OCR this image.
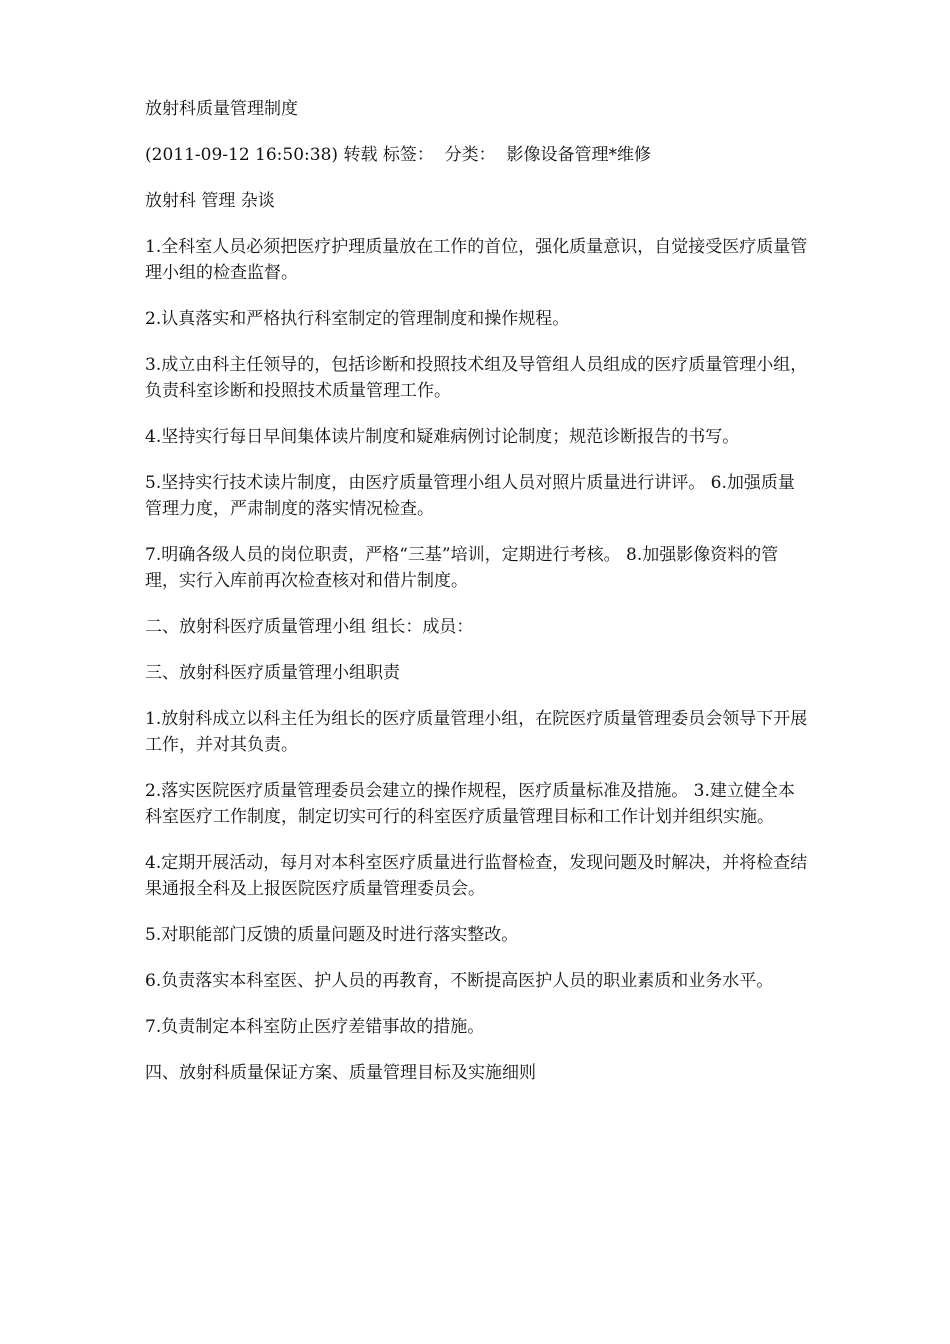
放射科质量管理制度

(2011-09-12 16:50:38) 转载 标签：  分类：  影像设备管理*维修

放射科 管理 杂谈

1.全科室人员必须把医疗护理质量放在工作的首位，强化质量意识，自觉接受医疗质量管理小组的检查监督。

2.认真落实和严格执行科室制定的管理制度和操作规程。

3.成立由科主任领导的，包括诊断和投照技术组及导管组人员组成的医疗质量管理小组，负责科室诊断和投照技术质量管理工作。

4.坚持实行每日早间集体读片制度和疑难病例讨论制度；规范诊断报告的书写。

5.坚持实行技术读片制度，由医疗质量管理小组人员对照片质量进行讲评。 6.加强质量管理力度，严肃制度的落实情况检查。

7.明确各级人员的岗位职责，严格“三基”培训，定期进行考核。 8.加强影像资料的管理，实行入库前再次检查核对和借片制度。

二、放射科医疗质量管理小组 组长：成员：

三、放射科医疗质量管理小组职责

1.放射科成立以科主任为组长的医疗质量管理小组，在院医疗质量管理委员会领导下开展工作，并对其负责。

2.落实医院医疗质量管理委员会建立的操作规程，医疗质量标准及措施。 3.建立健全本科室医疗工作制度，制定切实可行的科室医疗质量管理目标和工作计划并组织实施。

4.定期开展活动，每月对本科室医疗质量进行监督检查，发现问题及时解决，并将检查结果通报全科及上报医院医疗质量管理委员会。

5.对职能部门反馈的质量问题及时进行落实整改。

6.负责落实本科室医、护人员的再教育，不断提高医护人员的职业素质和业务水平。

7.负责制定本科室防止医疗差错事故的措施。

四、放射科质量保证方案、质量管理目标及实施细则
